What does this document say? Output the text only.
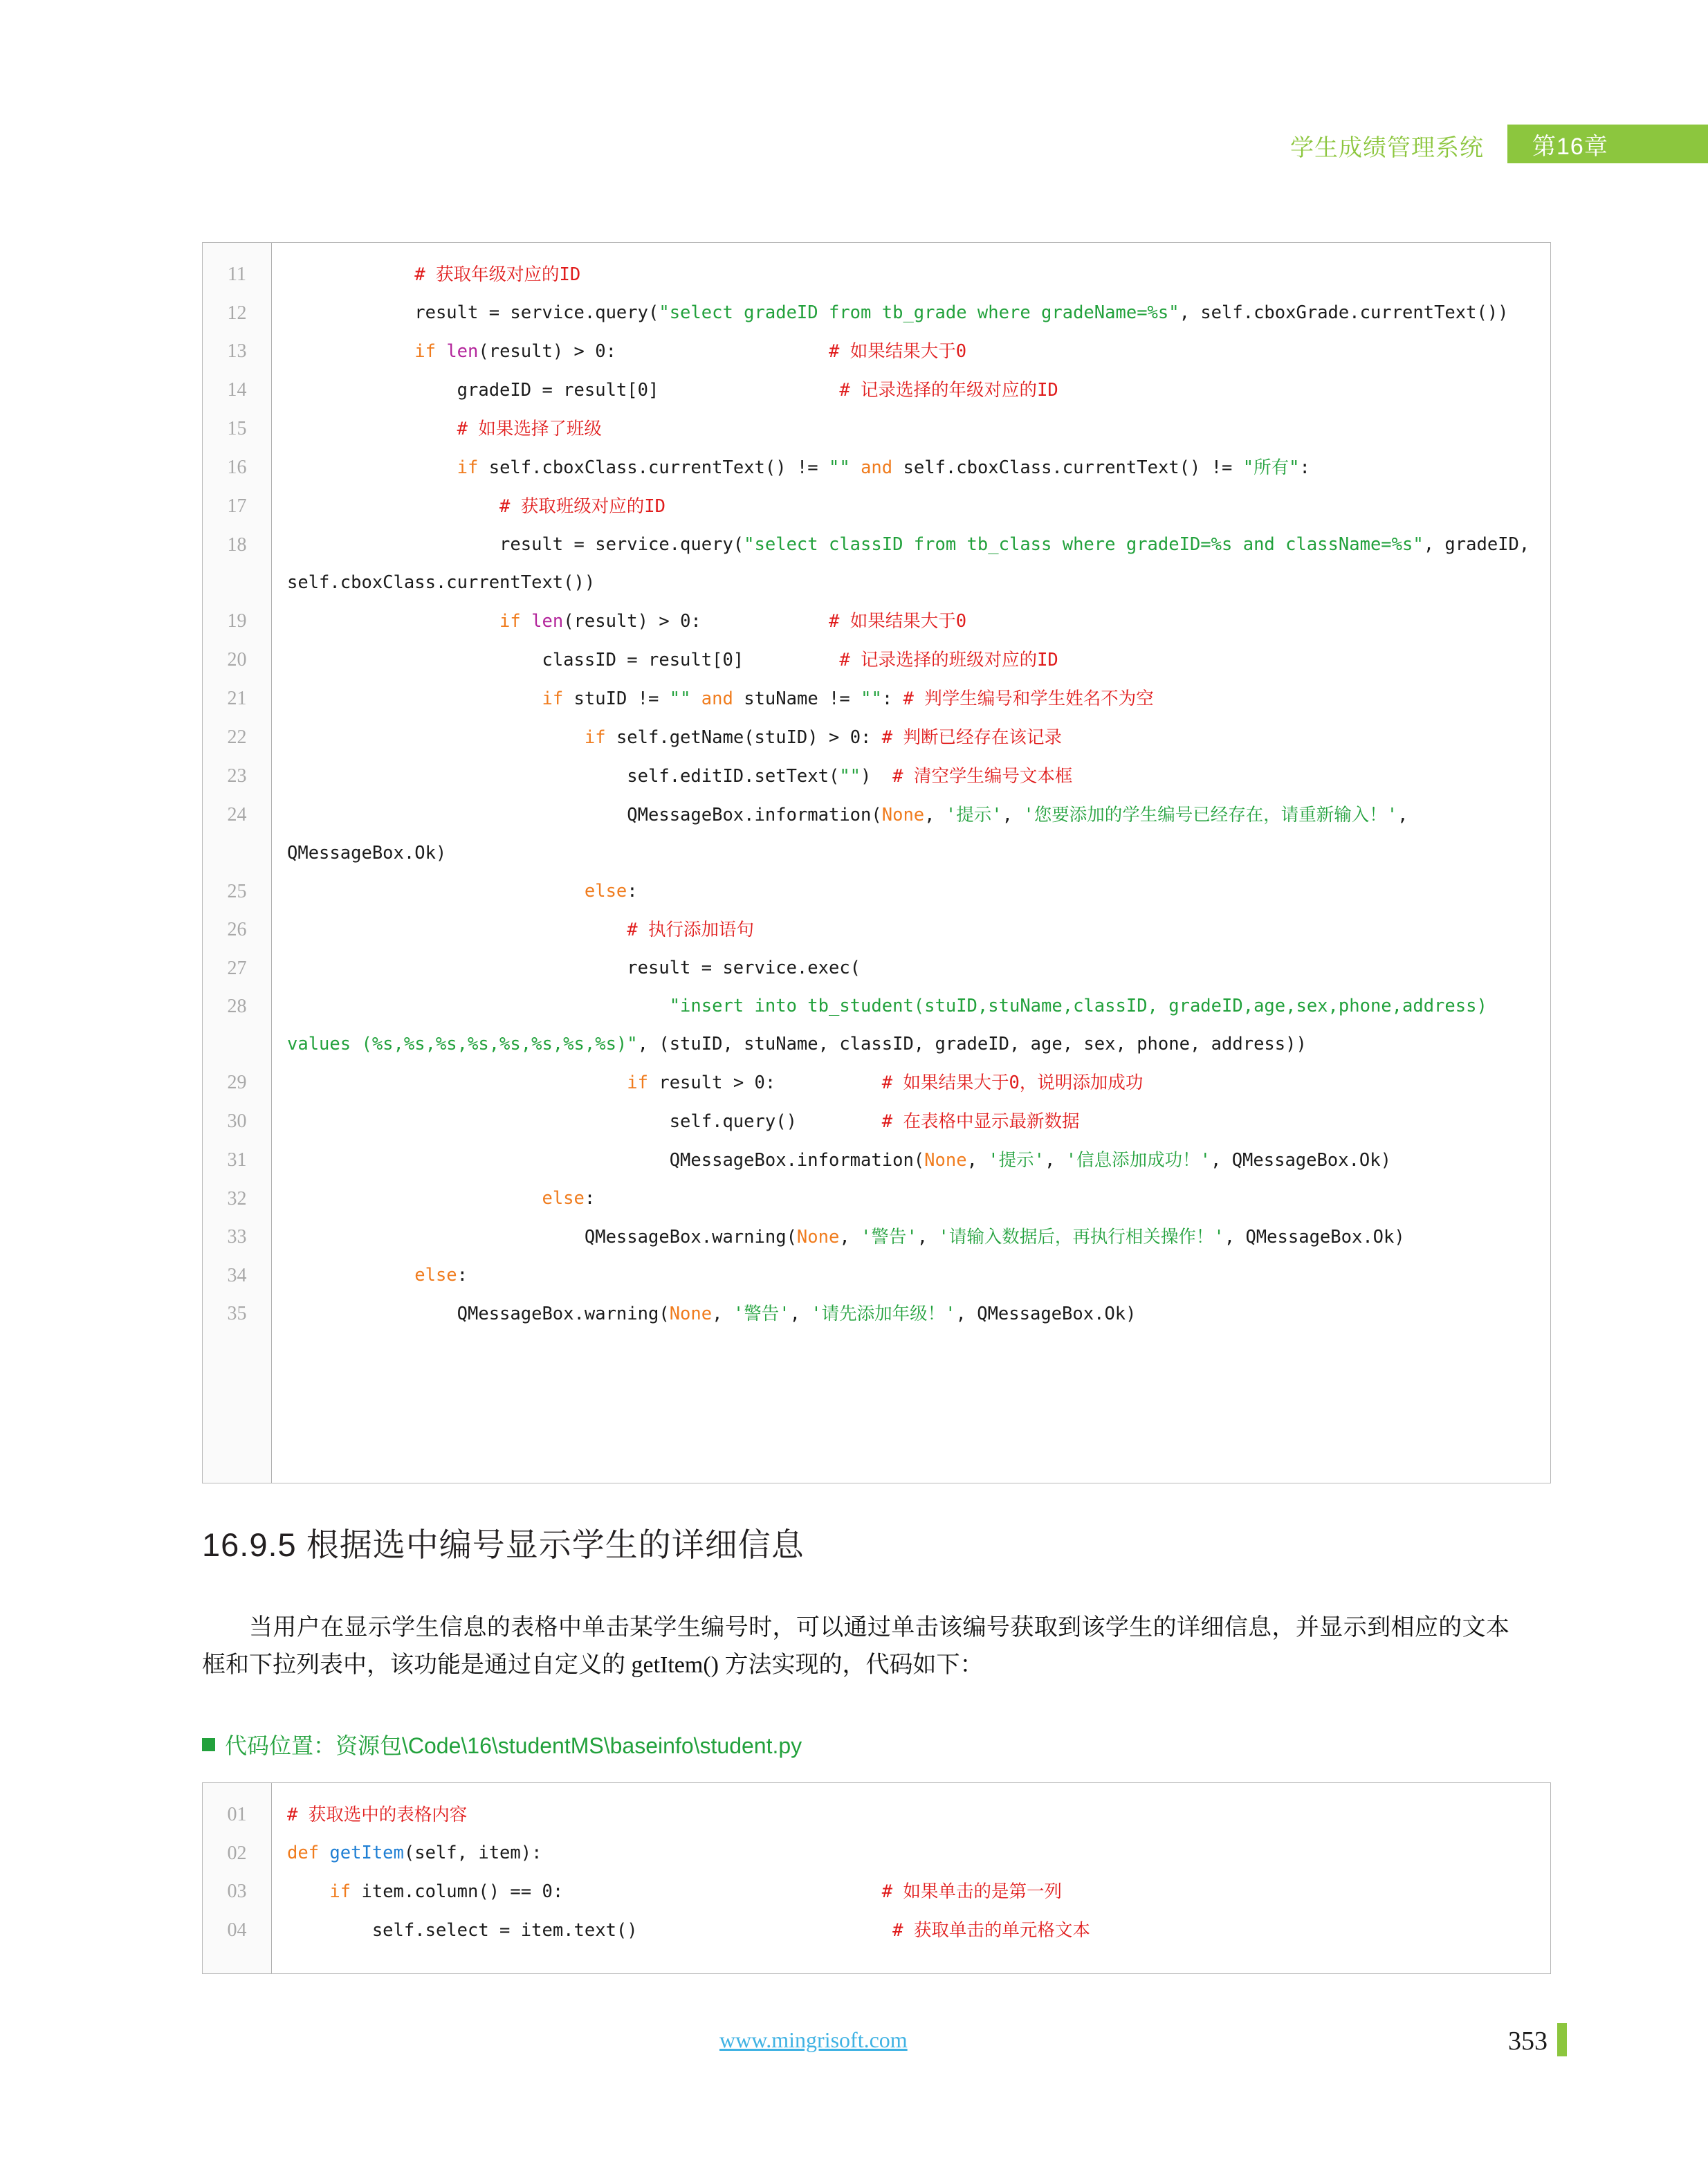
学生成绩管理系统 第16章
11
12
13
14
15
16
17
18
19
20
21
22
23
24
25
26
27
28
29
30
31
32
33
34
35
# 获取年级对应的ID
result = service.query("select gradeID from tb_grade where gradeName=%s", self.cboxGrade.currentText())
if len(result) > 0:                    # 如果结果大于0
gradeID = result[0]                 # 记录选择的年级对应的ID
# 如果选择了班级
if self.cboxClass.currentText() != "" and self.cboxClass.currentText() != "所有":
# 获取班级对应的ID
result = service.query("select classID from tb_class where gradeID=%s and className=%s", gradeID, self.cboxClass.currentText())
if len(result) > 0:            # 如果结果大于0
classID = result[0]         # 记录选择的班级对应的ID
if stuID != "" and stuName != "": # 判学生编号和学生姓名不为空
if self.getName(stuID) > 0: # 判断已经存在该记录
self.editID.setText("")  # 清空学生编号文本框
QMessageBox.information(None, '提示', '您要添加的学生编号已经存在，请重新输入！', QMessageBox.Ok)
else:
# 执行添加语句
result = service.exec(
"insert into tb_student(stuID,stuName,classID, gradeID,age,sex,phone,address) values (%s,%s,%s,%s,%s,%s,%s,%s)", (stuID, stuName, classID, gradeID, age, sex, phone, address))
if result > 0:          # 如果结果大于0，说明添加成功
self.query()        # 在表格中显示最新数据
QMessageBox.information(None, '提示', '信息添加成功！', QMessageBox.Ok)
else:
QMessageBox.warning(None, '警告', '请输入数据后，再执行相关操作！', QMessageBox.Ok)
else:
QMessageBox.warning(None, '警告', '请先添加年级！', QMessageBox.Ok)
16.9.5 根据选中编号显示学生的详细信息
当用户在显示学生信息的表格中单击某学生编号时，可以通过单击该编号获取到该学生的详细信息，并显示到相应的文本框和下拉列表中，该功能是通过自定义的 getItem() 方法实现的，代码如下：
代码位置：资源包\Code\16\studentMS\baseinfo\student.py
01
02
03
04
# 获取选中的表格内容
def getItem(self, item):
if item.column() == 0:                              # 如果单击的是第一列
self.select = item.text()                        # 获取单击的单元格文本
www.mingrisoft.com	353
